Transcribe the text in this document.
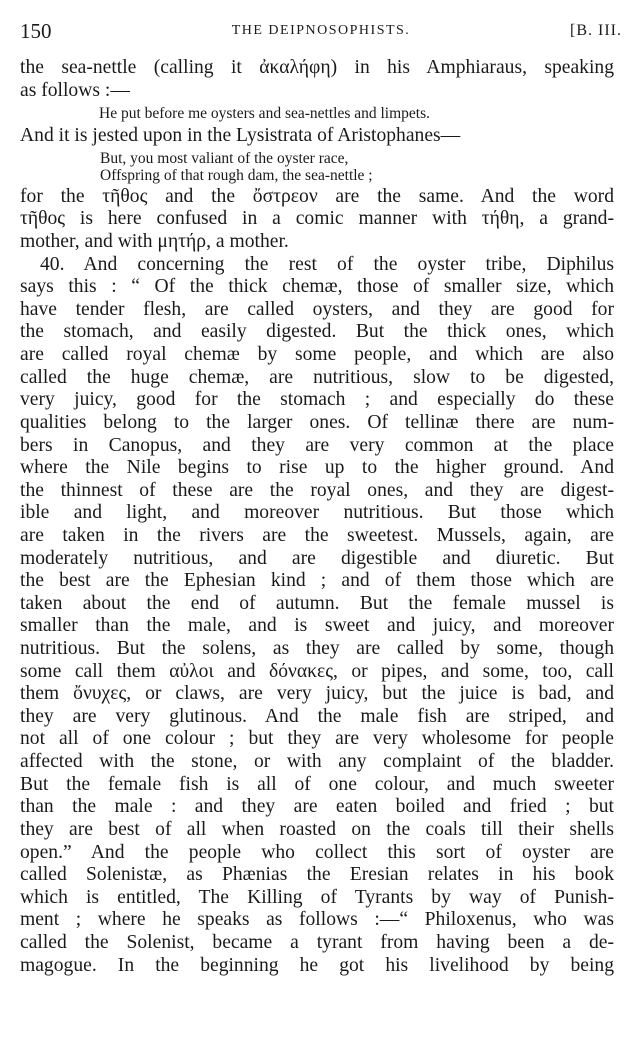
150	THE DEIPNOSOPHISTS.	[B. III.
the sea-nettle (calling it ἀκαλήφη) in his Amphiaraus, speaking
as follows :—
He put before me oysters and sea-nettles and limpets.
And it is jested upon in the Lysistrata of Aristophanes—
But, you most valiant of the oyster race,
Offspring of that rough dam, the sea-nettle ;
for the τῆθος and the ὄστρεον are the same. And the word
τῆθος is here confused in a comic manner with τήθη, a grand-
mother, and with μητήρ, a mother.
40. And concerning the rest of the oyster tribe, Diphilus
says this : “ Of the thick chemæ, those of smaller size, which
have tender flesh, are called oysters, and they are good for
the stomach, and easily digested. But the thick ones, which
are called royal chemæ by some people, and which are also
called the huge chemæ, are nutritious, slow to be digested,
very juicy, good for the stomach ; and especially do these
qualities belong to the larger ones. Of tellinæ there are num-
bers in Canopus, and they are very common at the place
where the Nile begins to rise up to the higher ground. And
the thinnest of these are the royal ones, and they are digest-
ible and light, and moreover nutritious. But those which
are taken in the rivers are the sweetest. Mussels, again, are
moderately nutritious, and are digestible and diuretic. But
the best are the Ephesian kind ; and of them those which are
taken about the end of autumn. But the female mussel is
smaller than the male, and is sweet and juicy, and moreover
nutritious. But the solens, as they are called by some, though
some call them αὐλοι and δόνακες, or pipes, and some, too, call
them ὄνυχες, or claws, are very juicy, but the juice is bad, and
they are very glutinous. And the male fish are striped, and
not all of one colour ; but they are very wholesome for people
affected with the stone, or with any complaint of the bladder.
But the female fish is all of one colour, and much sweeter
than the male : and they are eaten boiled and fried ; but
they are best of all when roasted on the coals till their shells
open.” And the people who collect this sort of oyster are
called Solenistæ, as Phænias the Eresian relates in his book
which is entitled, The Killing of Tyrants by way of Punish-
ment ; where he speaks as follows :—“ Philoxenus, who was
called the Solenist, became a tyrant from having been a de-
magogue. In the beginning he got his livelihood by being
